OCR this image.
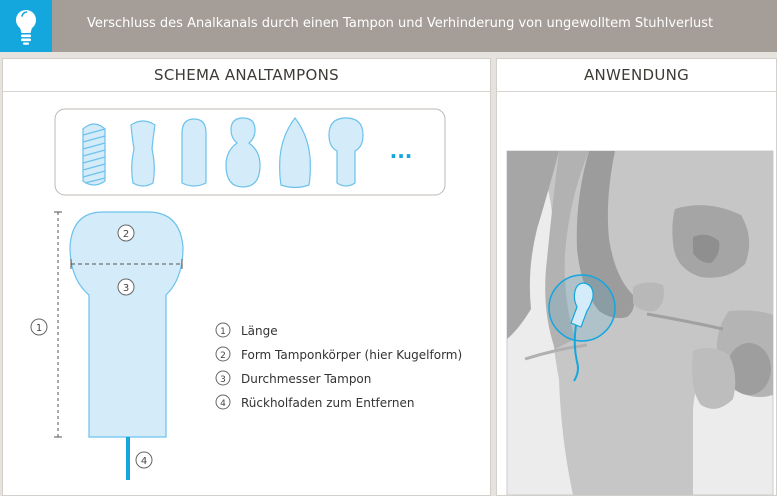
Verschluss des Analkanals durch einen Tampon und Verhinderung von ungewolltem Stuhlverlust
SCHEMA ANALTAMPONS
...
1
2
3
4
1 Länge
2 Form Tamponkörper (hier Kugelform)
3 Durchmesser Tampon
4 Rückholfaden zum Entfernen
ANWENDUNG
